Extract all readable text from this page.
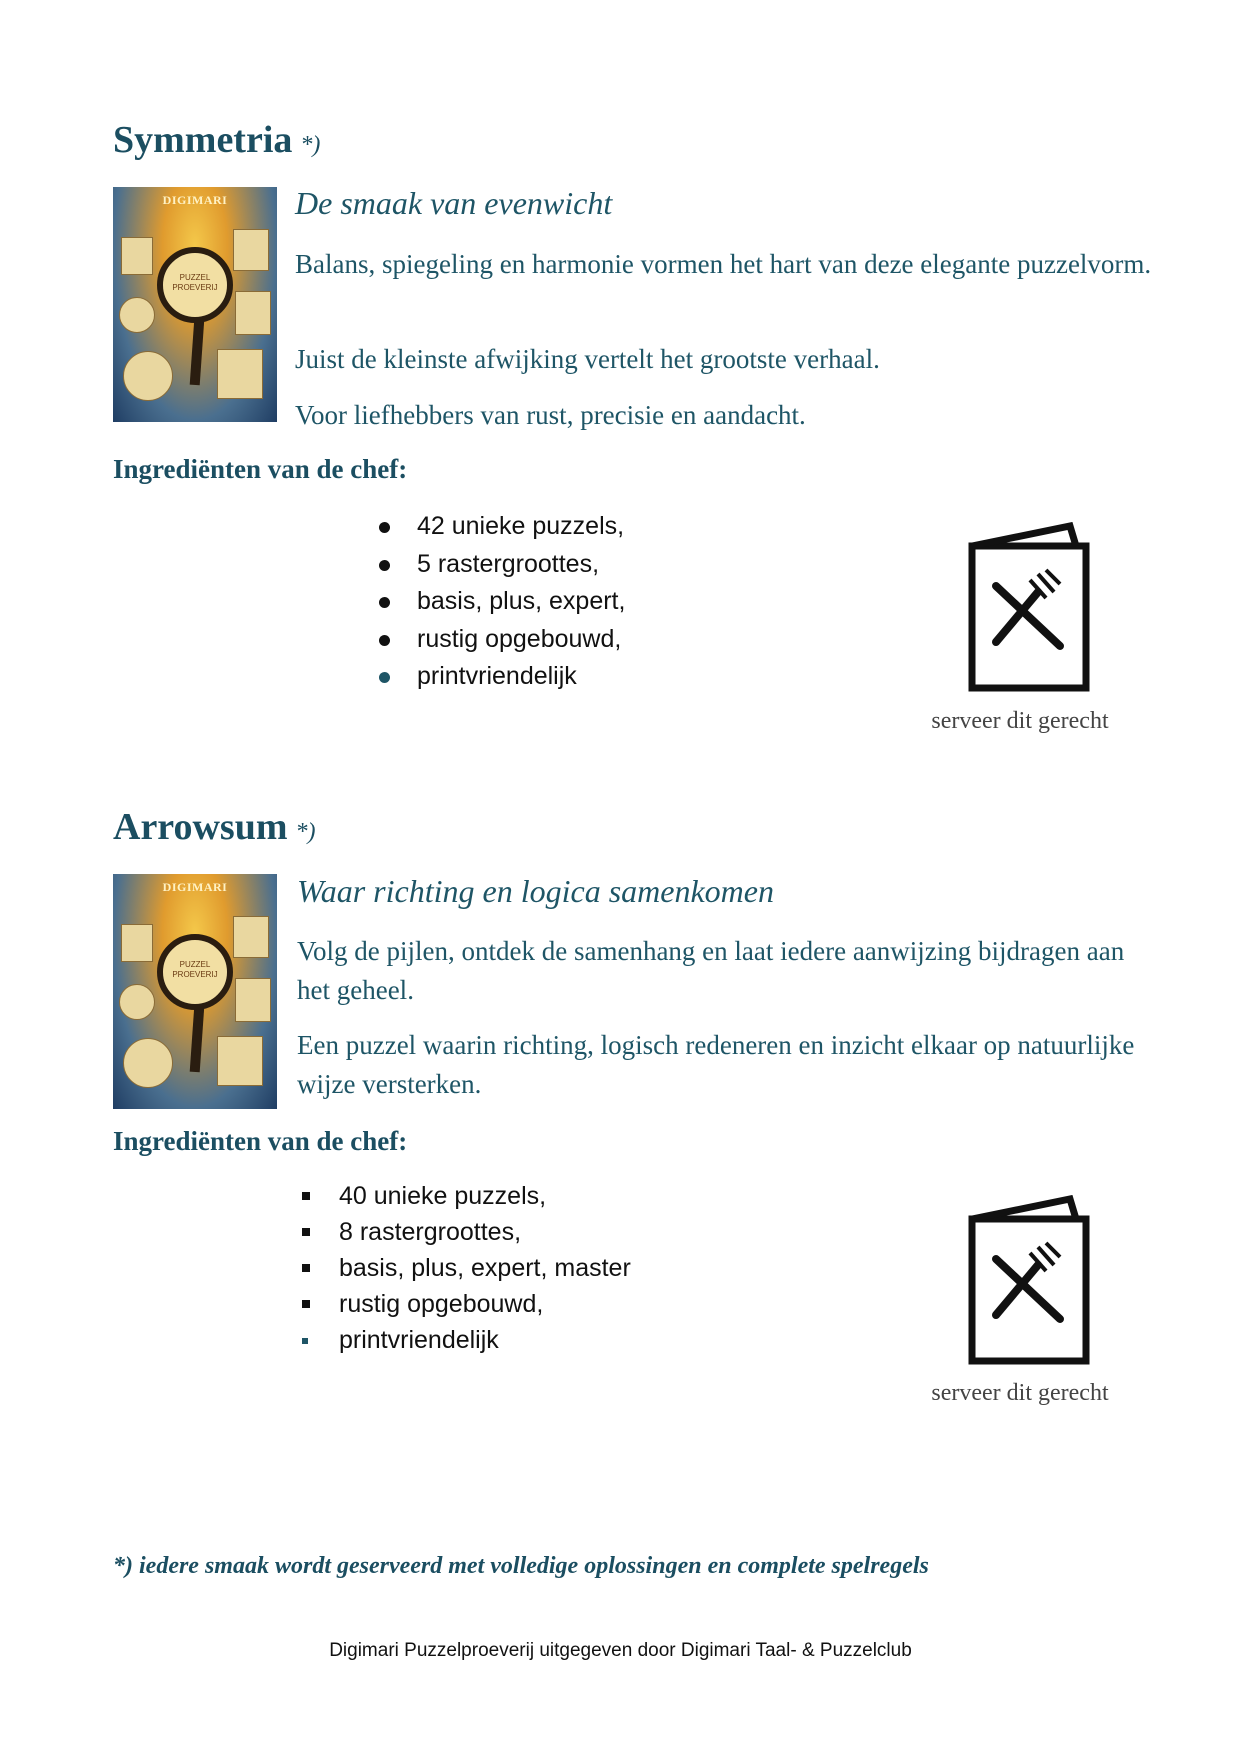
Symmetria *)
DIGIMARI
PUZZEL PROEVERIJ

De smaak van evenwicht

Balans, spiegeling en harmonie vormen het hart van deze elegante puzzelvorm.

Juist de kleinste afwijking vertelt het grootste verhaal.

Voor liefhebbers van rust, precisie en aandacht.

Ingrediënten van de chef:

42 unieke puzzels,
5 rastergroottes,
basis, plus, expert,
rustig opgebouwd,
printvriendelijk

serveer dit gerecht

Arrowsum *)
DIGIMARI
PUZZEL PROEVERIJ

Waar richting en logica samenkomen

Volg de pijlen, ontdek de samenhang en laat iedere aanwijzing bijdragen aan het geheel.

Een puzzel waarin richting, logisch redeneren en inzicht elkaar op natuurlijke wijze versterken.

Ingrediënten van de chef:

40 unieke puzzels,
8 rastergroottes,
basis, plus, expert, master
rustig opgebouwd,
printvriendelijk

serveer dit gerecht

*) iedere smaak wordt geserveerd met volledige oplossingen en complete spelregels

Digimari Puzzelproeverij uitgegeven door Digimari Taal- & Puzzelclub
